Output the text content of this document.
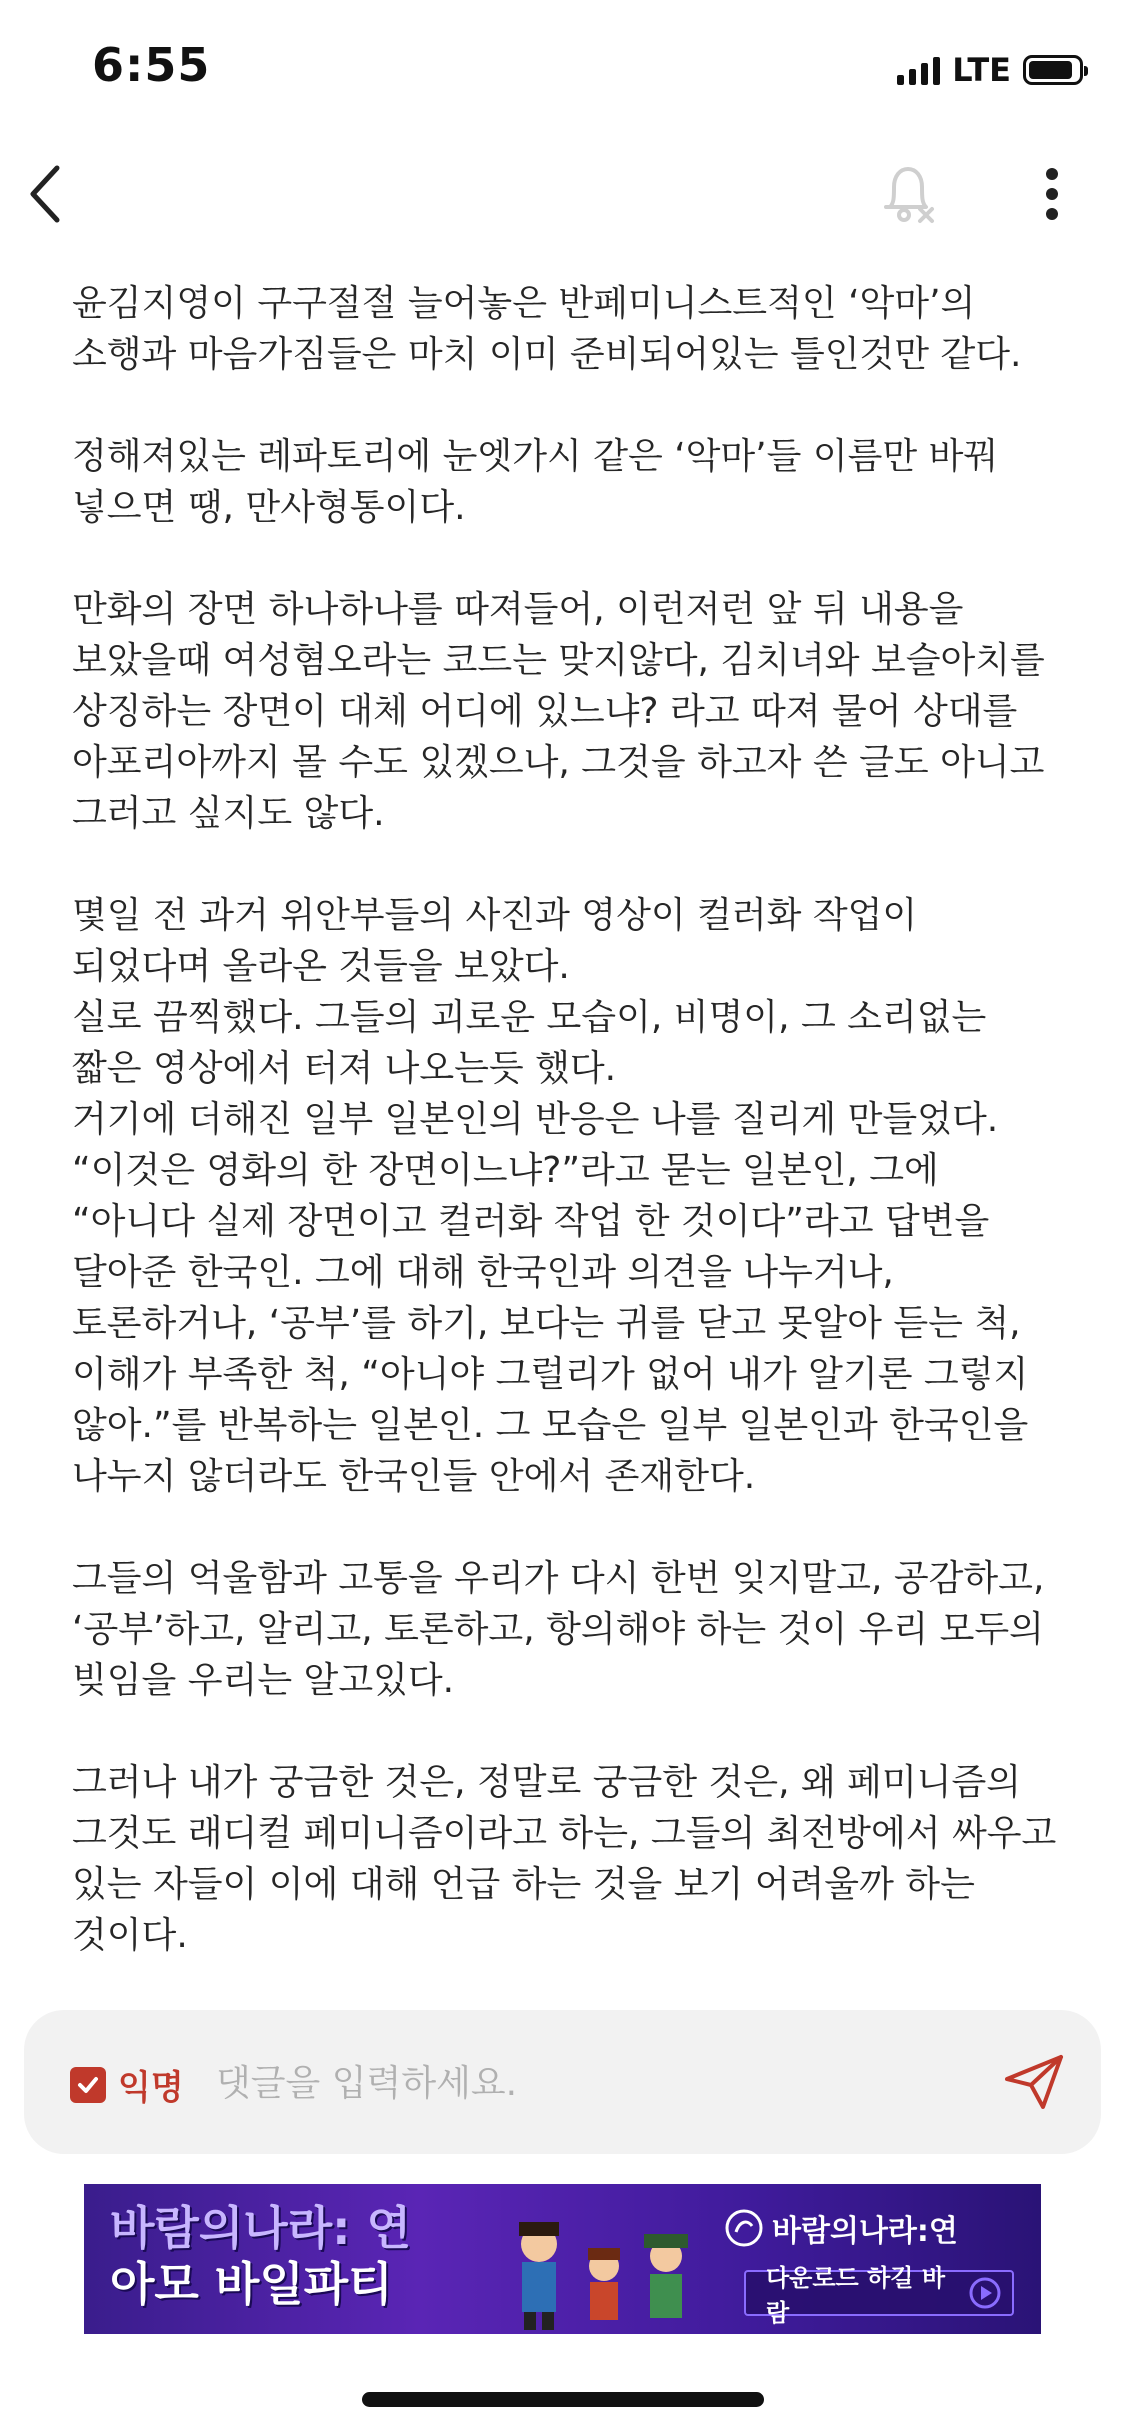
6:55	LTE

윤김지영이 구구절절 늘어놓은 반페미니스트적인 ‘악마’의 소행과 마음가짐들은 마치 이미 준비되어있는 틀인것만 같다.

정해져있는 레파토리에 눈엣가시 같은 ‘악마’들 이름만 바꿔 넣으면 땡, 만사형통이다.

만화의 장면 하나하나를 따져들어, 이런저런 앞 뒤 내용을 보았을때 여성혐오라는 코드는 맞지않다, 김치녀와 보슬아치를 상징하는 장면이 대체 어디에 있느냐? 라고 따져 물어 상대를 아포리아까지 몰 수도 있겠으나, 그것을 하고자 쓴 글도 아니고 그러고 싶지도 않다.

몇일 전 과거 위안부들의 사진과 영상이 컬러화 작업이 되었다며 올라온 것들을 보았다.
실로 끔찍했다. 그들의 괴로운 모습이, 비명이, 그 소리없는 짧은 영상에서 터져 나오는듯 했다.
거기에 더해진 일부 일본인의 반응은 나를 질리게 만들었다. “이것은 영화의 한 장면이느냐?”라고 묻는 일본인, 그에 “아니다 실제 장면이고 컬러화 작업 한 것이다”라고 답변을 달아준 한국인. 그에 대해 한국인과 의견을 나누거나, 토론하거나, ‘공부’를 하기, 보다는 귀를 닫고 못알아 듣는 척, 이해가 부족한 척, “아니야 그럴리가 없어 내가 알기론 그렇지 않아.”를 반복하는 일본인. 그 모습은 일부 일본인과 한국인을 나누지 않더라도 한국인들 안에서 존재한다.

그들의 억울함과 고통을 우리가 다시 한번 잊지말고, 공감하고, ‘공부’하고, 알리고, 토론하고, 항의해야 하는 것이 우리 모두의 빚임을 우리는 알고있다.

그러나 내가 궁금한 것은, 정말로 궁금한 것은, 왜 페미니즘의 그것도 래디컬 페미니즘이라고 하는, 그들의 최전방에서 싸우고 있는 자들이 이에 대해 언급 하는 것을 보기 어려울까 하는 것이다.

익명
댓글을 입력하세요.
바람의나라: 연
아모 바일파티
바람의나라:연
다운로드 하길 바람
